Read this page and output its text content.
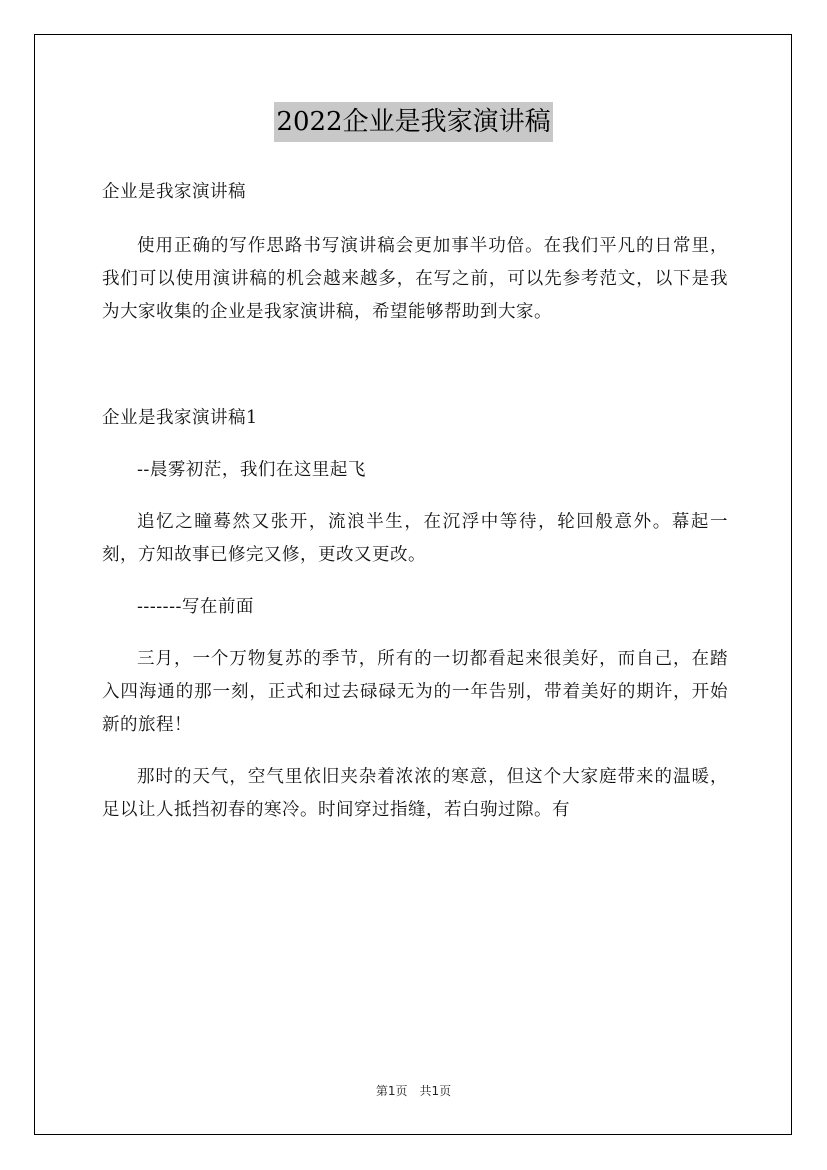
2022企业是我家演讲稿

企业是我家演讲稿

使用正确的写作思路书写演讲稿会更加事半功倍。在我们平凡的日常里，我们可以使用演讲稿的机会越来越多，在写之前，可以先参考范文，以下是我为大家收集的企业是我家演讲稿，希望能够帮助到大家。

企业是我家演讲稿1

--晨雾初茫，我们在这里起飞

追忆之瞳蓦然又张开，流浪半生，在沉浮中等待，轮回般意外。幕起一刻，方知故事已修完又修，更改又更改。

-------写在前面

三月，一个万物复苏的季节，所有的一切都看起来很美好，而自己，在踏入四海通的那一刻，正式和过去碌碌无为的一年告别，带着美好的期许，开始新的旅程！

那时的天气，空气里依旧夹杂着浓浓的寒意，但这个大家庭带来的温暖，足以让人抵挡初春的寒冷。时间穿过指缝，若白驹过隙。有

第1页 共1页
